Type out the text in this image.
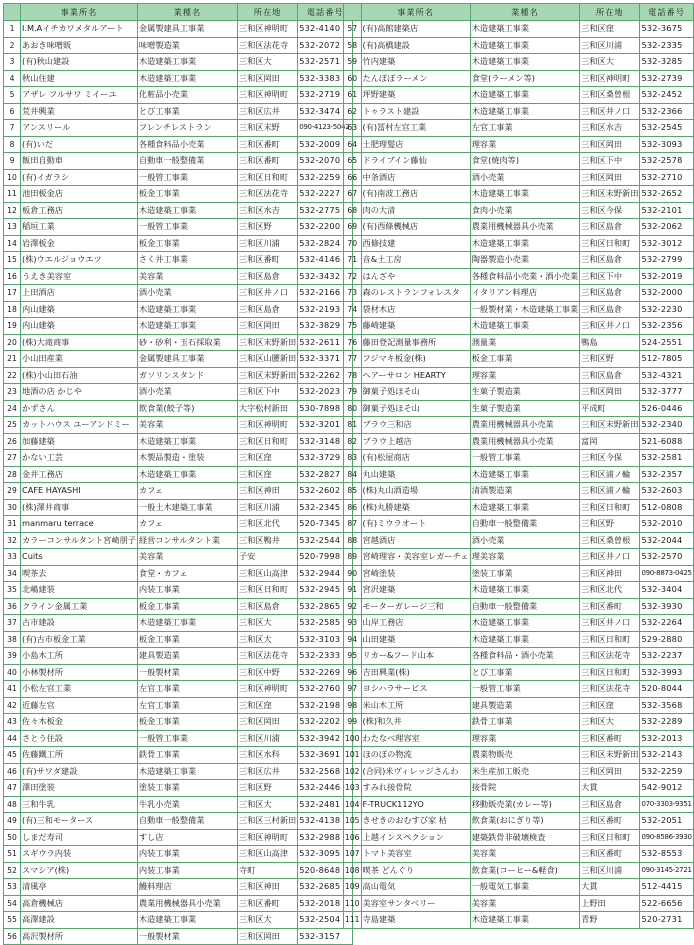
	事業所名	業種名	所在地	電話番号
1	I.M.Aイチカワメタルアート	金属製建具工事業	三和区神明町	532-4140
2	あおき味噌販	味噌製造業	三和区法花寺	532-2072
3	(有)秋山建設	木造建築工事業	三和区大	532-2571
4	秋山住建	木造建築工事業	三和区岡田	532-3383
5	アザレ フルサワ ミイーユ	化粧品小売業	三和区神明町	532-2719
6	荒井興業	とび工事業	三和区広井	532-3474
7	アンスリール	フレンチレストラン	三和区末野	090-4123-5042
8	(有)いだ	各種食料品小売業	三和区番町	532-2009
9	飯田自動車	自動車一般整備業	三和区番町	532-2070
10	(有)イガラシ	一般管工事業	三和区日和町	532-2259
11	池田板金店	板金工事業	三和区法花寺	532-2227
12	板倉工務店	木造建築工事業	三和区水吉	532-2775
13	稲垣工業	一般管工事業	三和区野	532-2200
14	岩澤板金	板金工事業	三和区川浦	532-2824
15	(株)ウエルジョウエツ	さく井工事業	三和区番町	532-4146
16	うえき美容室	美容業	三和区島倉	532-3432
17	上田酒店	酒小売業	三和区井ノ口	532-2166
18	内山建築	木造建築工事業	三和区島倉	532-2193
19	内山建築	木造建築工事業	三和区岡田	532-3829
20	(株)大滝商事	砂・砂利・玉石採取業	三和区末野新田	532-2611
21	小山田産業	金属製建具工事業	三和区山腰新田	532-3371
22	(株)小山田石油	ガソリンスタンド	三和区末野新田	532-2262
23	地酒の店 かじや	酒小売業	三和区下中	532-2023
24	かずさん	飲食業(餃子等)	大字松村新田	530-7898
25	カットハウス ユーアンドミー	美容業	三和区神明町	532-3201
26	加藤建築	木造建築工事業	三和区日和町	532-3148
27	かない工芸	木製品製造・塗装	三和区窪	532-3729
28	金井工務店	木造建築工事業	三和区窪	532-2827
29	CAFE HAYASHI	カフェ	三和区神田	532-2602
30	(株)澤井商事	一般土木建築工事業	三和区川浦	532-2345
31	manmaru terrace	カフェ	三和区北代	520-7345
32	カラーコンサルタント宮崎朋子	経営コンサルタント業	三和区鴨井	532-2544
33	Cuits	美容業	子安	520-7998
34	喫茶去	食堂・カフェ	三和区山高津	532-2944
35	北嶋建装	内装工事業	三和区日和町	532-2945
36	クライン金属工業	板金工事業	三和区島倉	532-2865
37	古市建設	木造建築工事業	三和区大	532-2585
38	(有)古市板金工業	板金工事業	三和区大	532-3103
39	小島木工所	建具製造業	三和区法花寺	532-2333
40	小林製材所	一般製材業	三和区中野	532-2269
41	小松左官工業	左官工事業	三和区神明町	532-2760
42	近藤左官	左官工事業	三和区窪	532-2198
43	佐々木板金	板金工事業	三和区岡田	532-2202
44	さとう住設	一般管工事業	三和区川浦	532-3942
45	佐藤鐵工所	鉄骨工事業	三和区水科	532-3691
46	(有)サワダ建設	木造建築工事業	三和区広井	532-2568
47	澤田塗装	塗装工事業	三和区野	532-2446
48	三和牛乳	牛乳小売業	三和区大	532-2481
49	(有)三和モータース	自動車一般整備業	三和区三村新田	532-4138
50	しまだ寿司	すし店	三和区神明町	532-2988
51	スギウラ内装	内装工事業	三和区山高津	532-3095
52	スマシア(株)	内装工事業	寺町	520-8648
53	清風亭	鰻料理店	三和区神田	532-2685
54	高倉機械店	農業用機械器具小売業	三和区番町	532-2018
55	高澤建設	木造建築工事業	三和区大	532-2504
56	高沢製材所	一般製材業	三和区岡田	532-3157
	事業所名	業種名	所在地	電話番号
57	(有)高館建築店	木造建築工事業	三和区窪	532-3675
58	(有)高橋建設	木造建築工事業	三和区川浦	532-2335
59	竹内建築	木造建築工事業	三和区大	532-3285
60	たんぽぽラーメン	食堂(ラーメン等)	三和区神明町	532-2739
61	坪野建築	木造建築工事業	三和区桑曽根	532-2452
62	トゥラスト建設	木造建築工事業	三和区井ノ口	532-2366
63	(有)冨村左官工業	左官工事業	三和区水吉	532-2545
64	土肥理髪店	理容業	三和区岡田	532-3093
65	ドライブイン藤仙	食堂(焼肉等)	三和区下中	532-2578
66	中条酒店	酒小売業	三和区岡田	532-2710
67	(有)南波工務店	木造建築工事業	三和区末野新田	532-2652
68	肉の大清	食肉小売業	三和区今保	532-2101
69	(有)西條機械店	農業用機械器具小売業	三和区島倉	532-2062
70	西條技建	木造建築工事業	三和区日和町	532-3012
71	音&土工房	陶器製造小売業	三和区島倉	532-2799
72	はんざや	各種食料品小売業・酒小売業	三和区下中	532-2019
73	森のレストランフォレスタ	イタリアン料理店	三和区島倉	532-2000
74	袋材木店	一般製材業・木造建築工事業	三和区島倉	532-2230
75	藤崎建築	木造建築工事業	三和区井ノ口	532-2356
76	藤田登記測量事務所	測量業	鴨島	524-2551
77	フジマキ板金(株)	板金工事業	三和区野	512-7805
78	ヘアーサロン HEARTY	理容業	三和区島倉	532-4321
79	御菓子処ほそ山	生菓子製造業	三和区岡田	532-3777
80	御菓子処ほそ山	生菓子製造業	平成町	526-0446
81	ブラウ三和店	農業用機械器具小売業	三和区末野新田	532-2340
82	ブラウ上越店	農業用機械器具小売業	富岡	521-6088
83	(有)松屋商店	一般管工事業	三和区今保	532-2581
84	丸山建築	木造建築工事業	三和区浦ノ輪	532-2357
85	(株)丸山酒造場	清酒製造業	三和区浦ノ輪	532-2603
86	(株)丸勝建築	木造建築工事業	三和区日和町	512-0808
87	(有)ミウラオート	自動車一般整備業	三和区野	532-2010
88	宮越酒店	酒小売業	三和区桑曽根	532-2044
89	宮崎理容・美容室レガーチェ	理美容業	三和区井ノ口	532-2570
90	宮崎塗装	塗装工事業	三和区神田	090-8873-0425
91	宮沢建築	木造建築工事業	三和区北代	532-3404
92	モーターガレージ三和	自動車一般整備業	三和区番町	532-3930
93	山岸工務店	木造建築工事業	三和区井ノ口	532-2264
94	山田建築	木造建築工事業	三和区日和町	529-2880
95	リカー&フード山本	各種食料品・酒小売業	三和区法花寺	532-2237
96	吉田興業(株)	とび工事業	三和区日和町	532-3993
97	ヨシハラサービス	一般管工事業	三和区法花寺	520-8044
98	米山木工所	建具製造業	三和区窪	532-3568
99	(株)和久井	鉄骨工事業	三和区大	532-2289
100	わたなべ理容室	理容業	三和区番町	532-2013
101	ほのぼの物流	農業物販売	三和区末野新田	532-2143
102	(合同)米ヴィレッジさんわ	米生産加工販売	三和区岡田	532-2259
103	すみれ接骨院	接骨院	大貫	542-9012
104	F-TRUCK112YO	移動販売業(カレー等)	三和区島倉	070-3303-9351
105	きせきのおむすび家 枯	飲食業(おにぎり等)	三和区番町	532-2051
106	上越インスペクション	建築鉄骨非破壊検査	三和区日和町	090-8586-3930
107	トマト美容室	美容業	三和区番町	532-8553
108	喫茶 どんぐり	飲食業(コーヒー&軽食)	三和区川浦	090-3145-2721
109	高山電気	一般電気工事業	大貫	512-4415
110	美容室サンタベリー	美容業	上野田	522-6656
111	寺島建築	木造建築工事業	青野	520-2731
